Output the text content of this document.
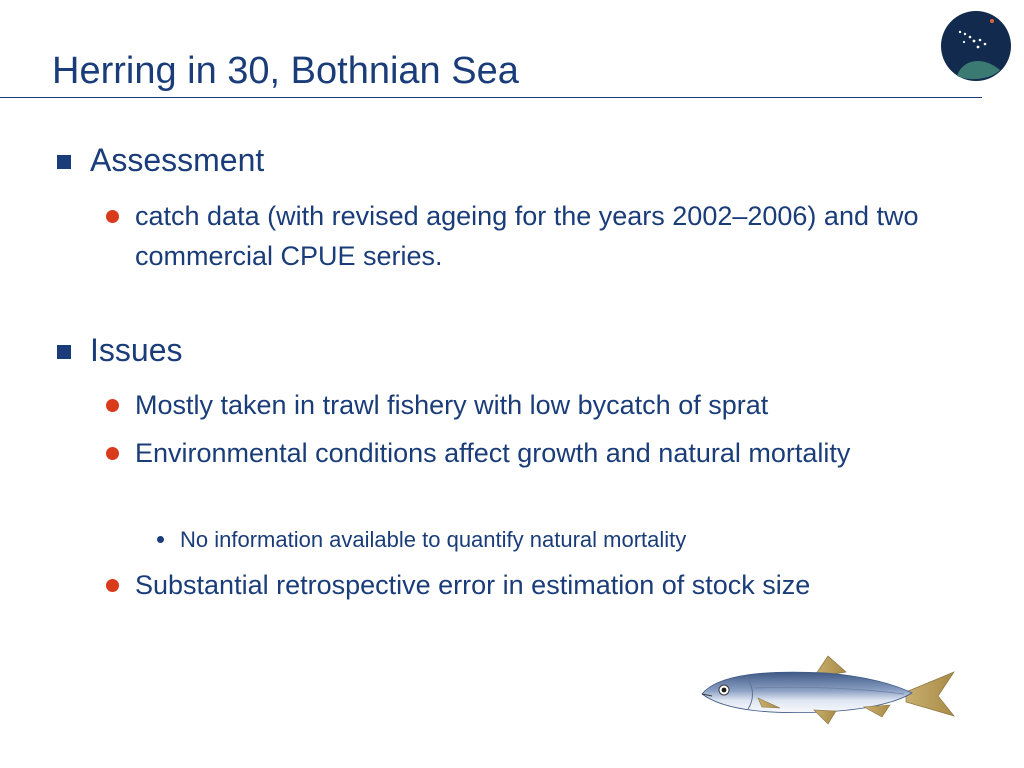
Herring in 30, Bothnian Sea
Assessment
catch data (with revised ageing for the years 2002–2006) and two commercial CPUE series.
Issues
Mostly taken in trawl fishery with low bycatch of sprat
Environmental conditions affect growth and natural mortality
No information available to quantify natural mortality
Substantial retrospective error in estimation of stock size
